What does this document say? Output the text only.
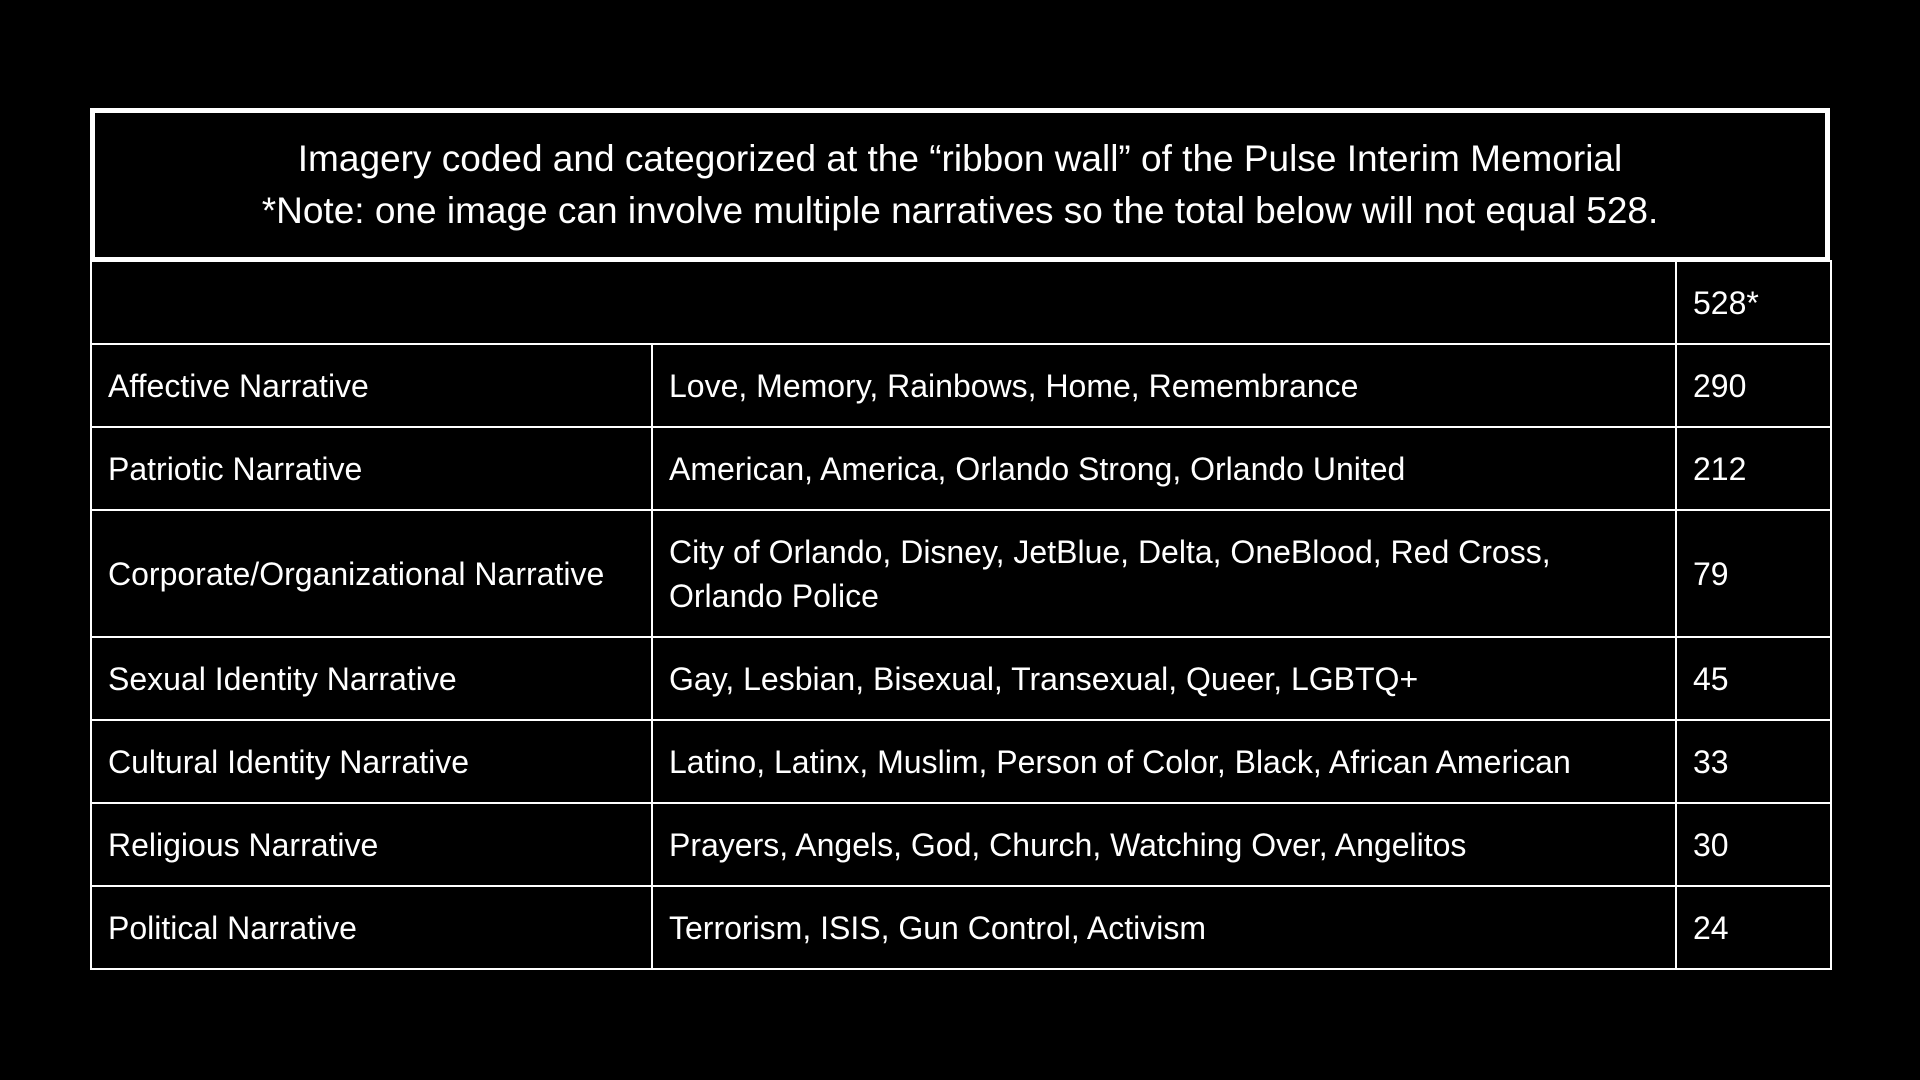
Imagery coded and categorized at the “ribbon wall” of the Pulse Interim Memorial
*Note: one image can involve multiple narratives so the total below will not equal 528.
		528*
Affective Narrative	Love, Memory, Rainbows, Home, Remembrance	290
Patriotic Narrative	American, America, Orlando Strong, Orlando United	212
Corporate/Organizational Narrative	City of Orlando, Disney, JetBlue, Delta, OneBlood, Red Cross, Orlando Police	79
Sexual Identity Narrative	Gay, Lesbian, Bisexual, Transexual, Queer, LGBTQ+	45
Cultural Identity Narrative	Latino, Latinx, Muslim, Person of Color, Black, African American	33
Religious Narrative	Prayers, Angels, God, Church, Watching Over, Angelitos	30
Political Narrative	Terrorism, ISIS, Gun Control, Activism	24
